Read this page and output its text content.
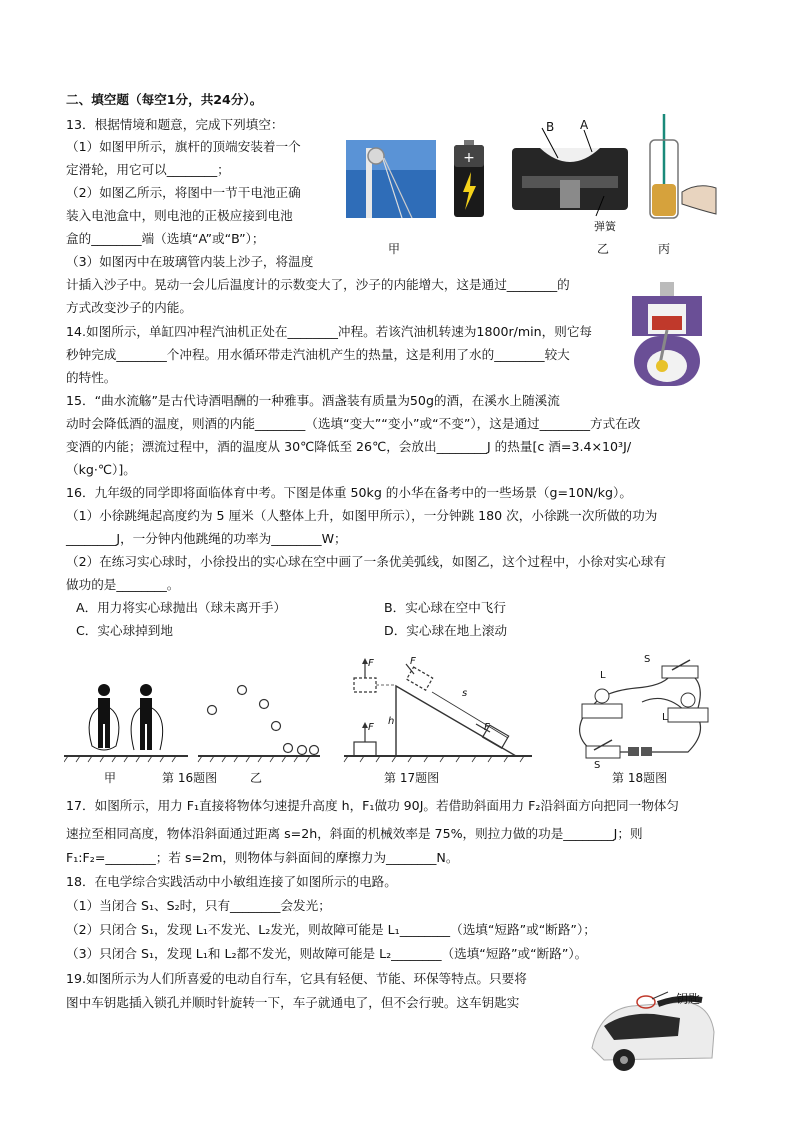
二、填空题（每空1分，共24分）。
13．根据情境和题意，完成下列填空：
（1）如图甲所示，旗杆的顶端安装着一个
定滑轮，用它可以________；
（2）如图乙所示，将图中一节干电池正确
装入电池盒中，则电池的正极应接到电池
盒的________端（选填“A”或“B”）；
（3）如图丙中在玻璃管内装上沙子，将温度
计插入沙子中。晃动一会儿后温度计的示数变大了，沙子的内能增大，这是通过________的
方式改变沙子的内能。
14.如图所示，单缸四冲程汽油机正处在________冲程。若该汽油机转速为1800r/min，则它每
秒钟完成________个冲程。用水循环带走汽油机产生的热量，这是利用了水的________较大
的特性。
15．“曲水流觞”是古代诗酒唱酬的一种雅事。酒盏装有质量为50g的酒，在溪水上随溪流
动时会降低酒的温度，则酒的内能________（选填“变大”“变小”或“不变”），这是通过________方式在改
变酒的内能；漂流过程中，酒的温度从 30℃降低至 26℃，会放出________J 的热量[c 酒=3.4×10³J/
（kg·℃）]。
16．九年级的同学即将面临体育中考。下图是体重 50kg 的小华在备考中的一些场景（g=10N/kg）。
（1）小徐跳绳起高度约为 5 厘米（人整体上升，如图甲所示），一分钟跳 180 次，小徐跳一次所做的功为
________J，一分钟内他跳绳的功率为________W；
（2）在练习实心球时，小徐投出的实心球在空中画了一条优美弧线，如图乙，这个过程中，小徐对实心球有
做功的是________。
A．用力将实心球抛出（球未离开手）	B．实心球在空中飞行
C．实心球掉到地	D．实心球在地上滚动
17．如图所示，用力 F₁直接将物体匀速提升高度 h，F₁做功 90J。若借助斜面用力 F₂沿斜面方向把同一物体匀
速拉至相同高度，物体沿斜面通过距离 s=2h，斜面的机械效率是 75%，则拉力做的功是________J；则
F₁:F₂=________；若 s=2m，则物体与斜面间的摩擦力为________N。
18．在电学综合实践活动中小敏组连接了如图所示的电路。
（1）当闭合 S₁、S₂时，只有________会发光；
（2）只闭合 S₁，发现 L₁不发光、L₂发光，则故障可能是 L₁________（选填“短路”或“断路”）；
（3）只闭合 S₁，发现 L₁和 L₂都不发光，则故障可能是 L₂________（选填“短路”或“断路”）。
19.如图所示为人们所喜爱的电动自行车，它具有轻便、节能、环保等特点。只要将
图中车钥匙插入锁孔并顺时针旋转一下，车子就通电了，但不会行驶。这车钥匙实
甲
+
B A
弹簧
乙	丙
甲	第 16题图	乙
F
F
F
F
h
s
第 17题图
L
L
S
S
第 18题图
钥匙
